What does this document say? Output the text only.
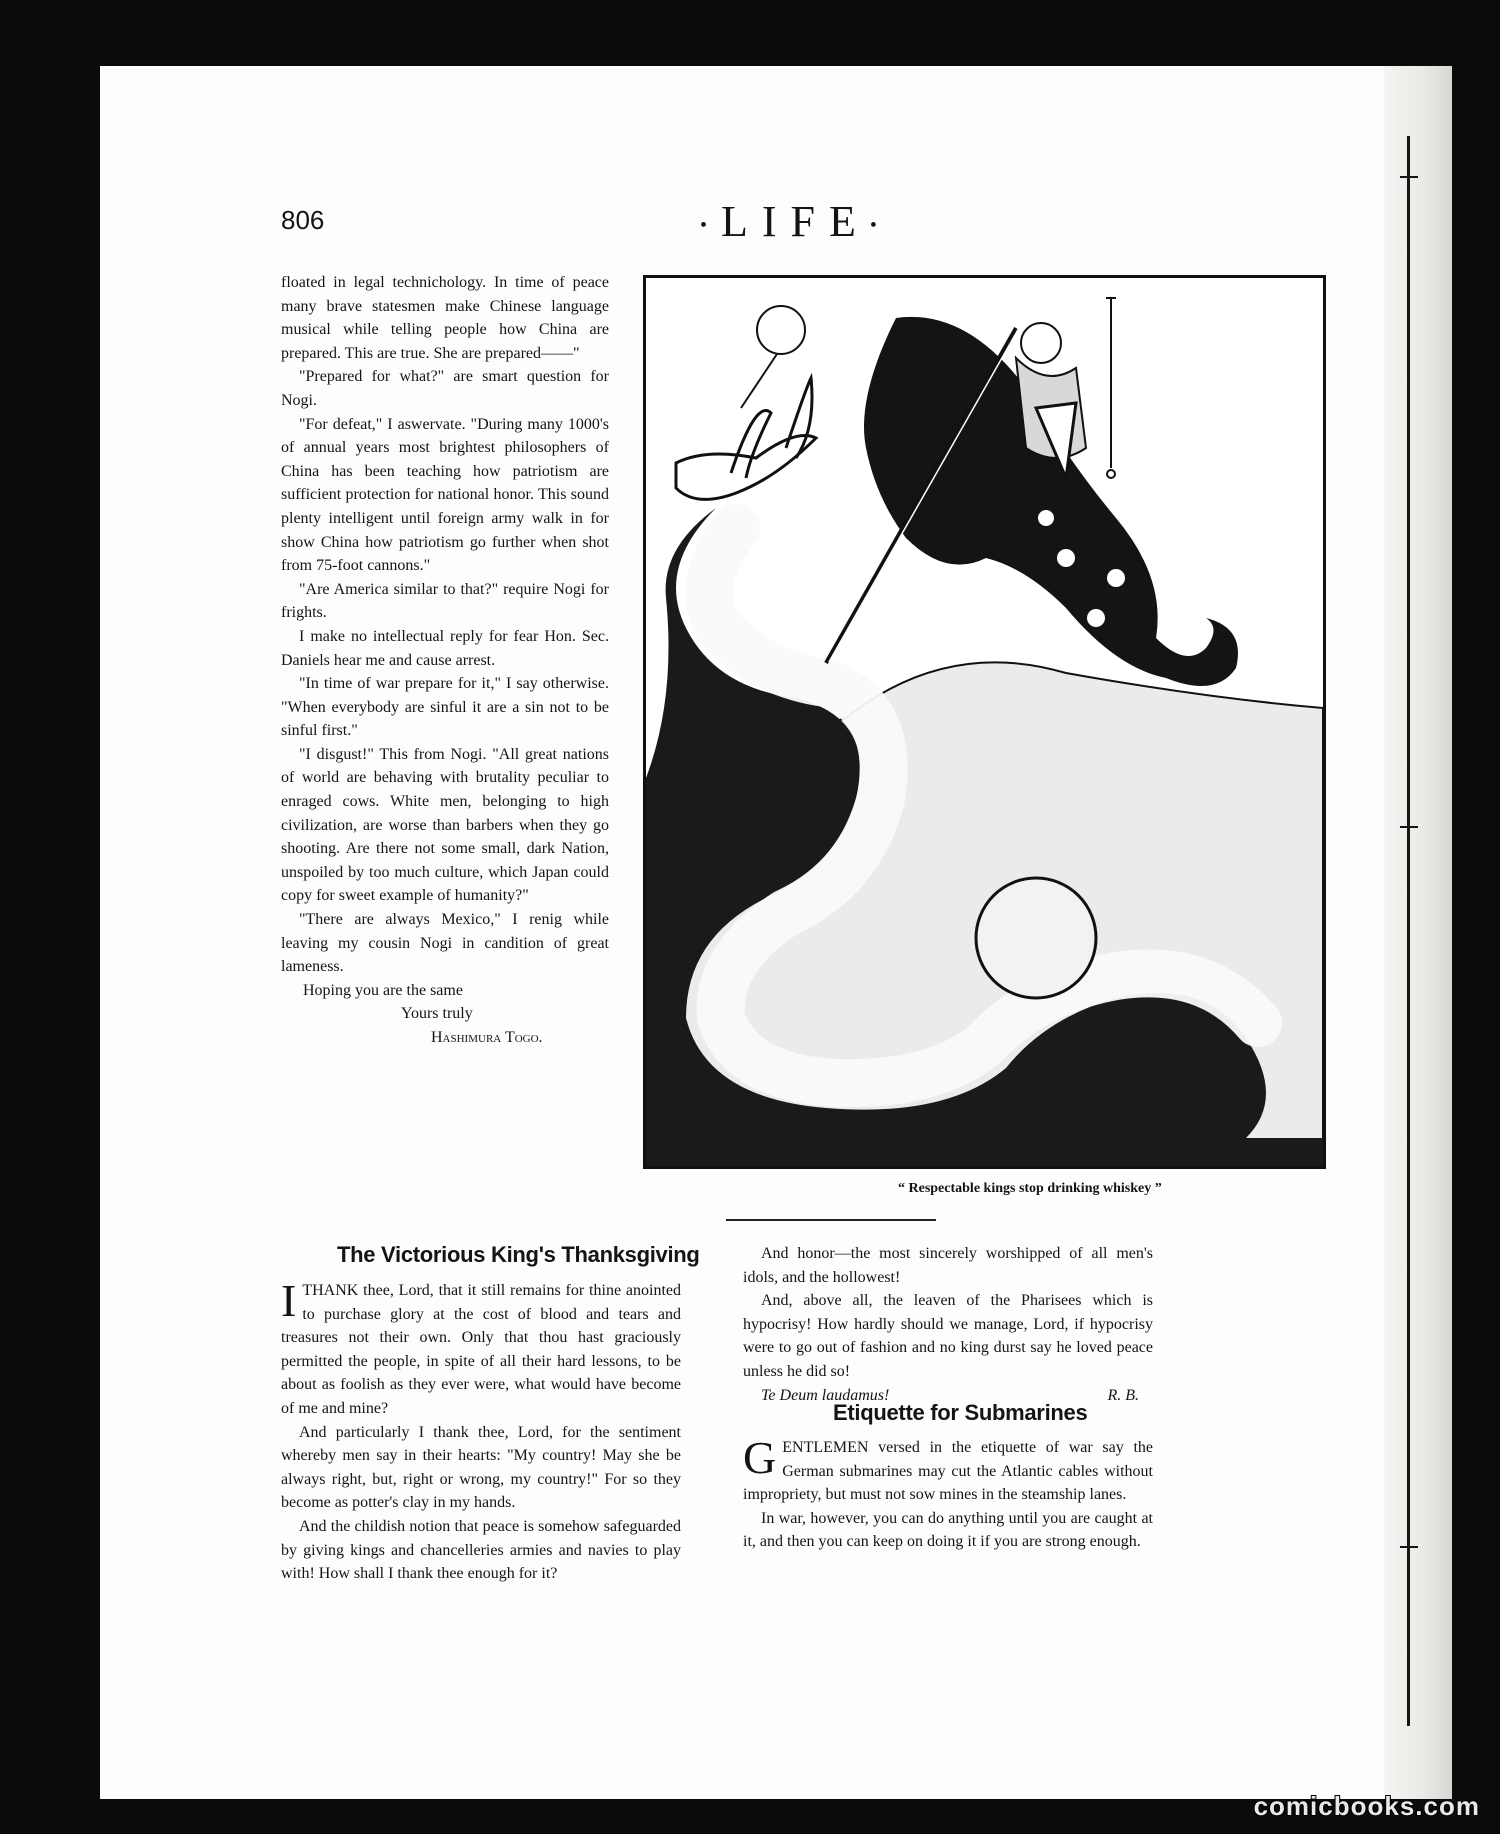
806	•LIFE•

floated in legal technichology. In time of peace many brave statesmen make Chinese language musical while telling people how China are prepared. This are true. She are prepared——"

"Prepared for what?" are smart question for Nogi.

"For defeat," I aswervate. "During many 1000's of annual years most brightest philosophers of China has been teaching how patriotism are sufficient protection for national honor. This sound plenty intelligent until foreign army walk in for show China how patriotism go further when shot from 75-foot cannons."

"Are America similar to that?" require Nogi for frights.

I make no intellectual reply for fear Hon. Sec. Daniels hear me and cause arrest.

"In time of war prepare for it," I say otherwise. "When everybody are sinful it are a sin not to be sinful first."

"I disgust!" This from Nogi. "All great nations of world are behaving with brutality peculiar to enraged cows. White men, belonging to high civilization, are worse than barbers when they go shooting. Are there not some small, dark Nation, unspoiled by too much culture, which Japan could copy for sweet example of humanity?"

"There are always Mexico," I renig while leaving my cousin Nogi in candition of great lameness.

Hoping you are the same
Yours truly
Hashimura Togo.
“ Respectable kings stop drinking whiskey ”
The Victorious King's Thanksgiving

ITHANK thee, Lord, that it still remains for thine anointed to purchase glory at the cost of blood and tears and treasures not their own. Only that thou hast graciously permitted the people, in spite of all their hard lessons, to be about as foolish as they ever were, what would have become of me and mine?

And particularly I thank thee, Lord, for the sentiment whereby men say in their hearts: "My country! May she be always right, but, right or wrong, my country!" For so they become as potter's clay in my hands.

And the childish notion that peace is somehow safeguarded by giving kings and chancelleries armies and navies to play with! How shall I thank thee enough for it?

And honor—the most sincerely worshipped of all men's idols, and the hollowest!

And, above all, the leaven of the Pharisees which is hypocrisy! How hardly should we manage, Lord, if hypocrisy were to go out of fashion and no king durst say he loved peace unless he did so!

Te Deum laudamus!	R. B.
Etiquette for Submarines

GENTLEMEN versed in the etiquette of war say the German submarines may cut the Atlantic cables without impropriety, but must not sow mines in the steamship lanes.

In war, however, you can do anything until you are caught at it, and then you can keep on doing it if you are strong enough.

comicbooks.com
